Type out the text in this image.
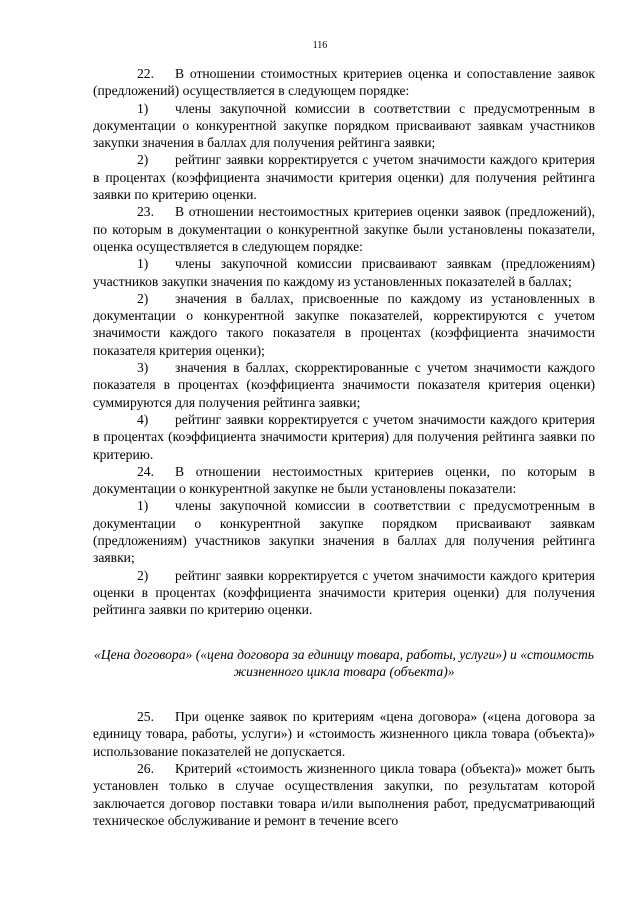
116

22. В отношении стоимостных критериев оценка и сопоставление заявок (предложений) осуществляется в следующем порядке:

1) члены закупочной комиссии в соответствии с предусмотренным в документации о конкурентной закупке порядком присваивают заявкам участников закупки значения в баллах для получения рейтинга заявки;

2) рейтинг заявки корректируется с учетом значимости каждого критерия в процентах (коэффициента значимости критерия оценки) для получения рейтинга заявки по критерию оценки.

23. В отношении нестоимостных критериев оценки заявок (предложений), по которым в документации о конкурентной закупке были установлены показатели, оценка осуществляется в следующем порядке:

1) члены закупочной комиссии присваивают заявкам (предложениям) участников закупки значения по каждому из установленных показателей в баллах;

2) значения в баллах, присвоенные по каждому из установленных в документации о конкурентной закупке показателей, корректируются с учетом значимости каждого такого показателя в процентах (коэффициента значимости показателя критерия оценки);

3) значения в баллах, скорректированные с учетом значимости каждого показателя в процентах (коэффициента значимости показателя критерия оценки) суммируются для получения рейтинга заявки;

4) рейтинг заявки корректируется с учетом значимости каждого критерия в процентах (коэффициента значимости критерия) для получения рейтинга заявки по критерию.

24. В отношении нестоимостных критериев оценки, по которым в документации о конкурентной закупке не были установлены показатели:

1) члены закупочной комиссии в соответствии с предусмотренным в документации о конкурентной закупке порядком присваивают заявкам (предложениям) участников закупки значения в баллах для получения рейтинга заявки;

2) рейтинг заявки корректируется с учетом значимости каждого критерия оценки в процентах (коэффициента значимости критерия оценки) для получения рейтинга заявки по критерию оценки.

«Цена договора» («цена договора за единицу товара, работы, услуги») и «стоимость жизненного цикла товара (объекта)»

25. При оценке заявок по критериям «цена договора» («цена договора за единицу товара, работы, услуги») и «стоимость жизненного цикла товара (объекта)» использование показателей не допускается.

26. Критерий «стоимость жизненного цикла товара (объекта)» может быть установлен только в случае осуществления закупки, по результатам которой заключается договор поставки товара и/или выполнения работ, предусматривающий техническое обслуживание и ремонт в течение всего
